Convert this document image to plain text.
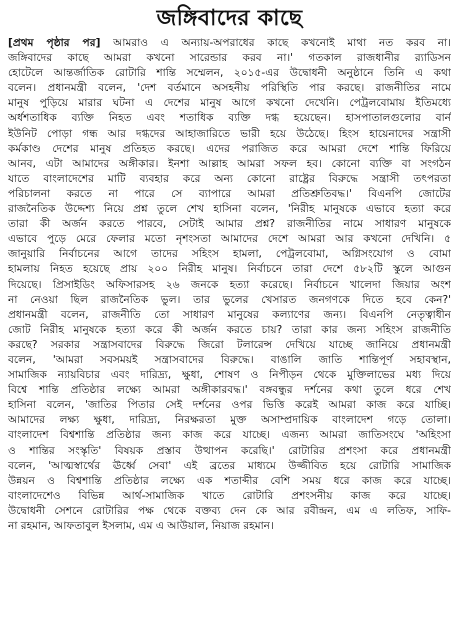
জঙ্গিবাদের কাছে
[প্রথম পৃষ্ঠার পর] আমরাও এ অন্যায়-অপরাধের কাছে কখনোই মাথা নত করব না।
জঙ্গিবাদের কাছে আমরা কখনো সারেন্ডার করব না।' গতকাল রাজধানীর র‍্যাডিসন
হোটেলে আন্তর্জাতিক রোটারি শান্তি সম্মেলন, ২০১৫-এর উদ্বোধনী অনুষ্ঠানে তিনি এ কথা
বলেন। প্রধানমন্ত্রী বলেন, 'দেশ বর্তমানে অসহনীয় পরিস্থিতি পার করছে। রাজনীতির নামে
মানুষ পুড়িয়ে মারার ঘটনা এ দেশের মানুষ আগে কখনো দেখেনি। পেট্রলবোমায় ইতিমধ্যে
অর্ধশতাধিক ব্যক্তি নিহত এবং শতাধিক ব্যক্তি দগ্ধ হয়েছেন। হাসপাতালগুলোর বার্ন
ইউনিট পোড়া গন্ধ আর দগ্ধদের আহাজারিতে ভারী হয়ে উঠেছে। হিংস হায়েনাদের সন্ত্রাসী
কর্মকাণ্ড দেশের মানুষ প্রতিহত করছে। এদের পরাজিত করে আমরা দেশে শান্তি ফিরিয়ে
আনব, এটা আমাদের অঙ্গীকার। ইনশা আল্লাহ আমরা সফল হব। কোনো ব্যক্তি বা সংগঠন
যাতে বাংলাদেশের মাটি ব্যবহার করে অন্য কোনো রাষ্ট্রের বিরুদ্ধে সন্ত্রাসী তৎপরতা
পরিচালনা করতে না পারে সে ব্যাপারে আমরা প্রতিশ্রুতিবদ্ধ।' বিএনপি জোটের
রাজনৈতিক উদ্দেশ্য নিয়ে প্রশ্ন তুলে শেখ হাসিনা বলেন, 'নিরীহ মানুষকে এভাবে হত্যা করে
তারা কী অর্জন করতে পারবে, সেটাই আমার প্রশ্ন? রাজনীতির নামে সাধারণ মানুষকে
এভাবে পুড়ে মেরে ফেলার মতো নৃশংসতা আমাদের দেশে আমরা আর কখনো দেখিনি। ৫
জানুয়ারি নির্বাচনের আগে তাদের সহিংস হামলা, পেট্রলবোমা, অগ্নিসংযোগ ও বোমা
হামলায় নিহত হয়েছে প্রায় ২০০ নিরীহ মানুষ। নির্বাচনে তারা দেশে ৫৮২টি স্কুলে আগুন
দিয়েছে। প্রিসাইডিং অফিসারসহ ২৬ জনকে হত্যা করেছে। নির্বাচনে খালেদা জিয়ার অংশ
না নেওয়া ছিল রাজনৈতিক ভুল। তার ভুলের খেসারত জনগণকে দিতে হবে কেন?'
প্রধানমন্ত্রী বলেন, রাজনীতি তো সাধারণ মানুষের কল্যাণের জন্য। বিএনপি নেতৃত্বাধীন
জোট নিরীহ মানুষকে হত্যা করে কী অর্জন করতে চায়? তারা কার জন্য সহিংস রাজনীতি
করছে? সরকার সন্ত্রাসবাদের বিরুদ্ধে জিরো টলারেন্স দেখিয়ে যাচ্ছে জানিয়ে প্রধানমন্ত্রী
বলেন, 'আমরা সবসময়ই সন্ত্রাসবাদের বিরুদ্ধে। বাঙালি জাতি শান্তিপূর্ণ সহাবস্থান,
সামাজিক ন্যায়বিচার এবং দারিদ্র্য, ক্ষুধা, শোষণ ও নিপীড়ন থেকে মুক্তিলাভের মধ্য দিয়ে
বিশ্বে শান্তি প্রতিষ্ঠার লক্ষ্যে আমরা অঙ্গীকারবদ্ধ।' বঙ্গবন্ধুর দর্শনের কথা তুলে ধরে শেখ
হাসিনা বলেন, 'জাতির পিতার সেই দর্শনের ওপর ভিত্তি করেই আমরা কাজ করে যাচ্ছি।
আমাদের লক্ষ্য ক্ষুধা, দারিদ্র্য, নিরক্ষরতা মুক্ত অসাম্প্রদায়িক বাংলাদেশ গড়ে তোলা।
বাংলাদেশ বিশ্বশান্তি প্রতিষ্ঠার জন্য কাজ করে যাচ্ছে। এজন্য আমরা জাতিসংঘে 'অহিংসা
ও শান্তির সংস্কৃতি' বিষয়ক প্রস্তাব উত্থাপন করেছি।' রোটারির প্রশংসা করে প্রধানমন্ত্রী
বলেন, 'আত্মস্বার্থের ঊর্ধ্বে সেবা' এই ব্রতের মাধ্যমে উজ্জীবিত হয়ে রোটারি সামাজিক
উন্নয়ন ও বিশ্বশান্তি প্রতিষ্ঠার লক্ষ্যে এক শতাব্দীর বেশি সময় ধরে কাজ করে যাচ্ছে।
বাংলাদেশেও বিভিন্ন আর্থ-সামাজিক খাতে রোটারি প্রশংসনীয় কাজ করে যাচ্ছে।
উদ্বোধনী সেশনে রোটারির পক্ষ থেকে বক্তব্য দেন কে আর রবীন্দ্রন, এম এ লতিফ, সাফি-
না রহমান, আফতাবুল ইসলাম, এম এ আউয়াল, নিয়াজ রহমান।
